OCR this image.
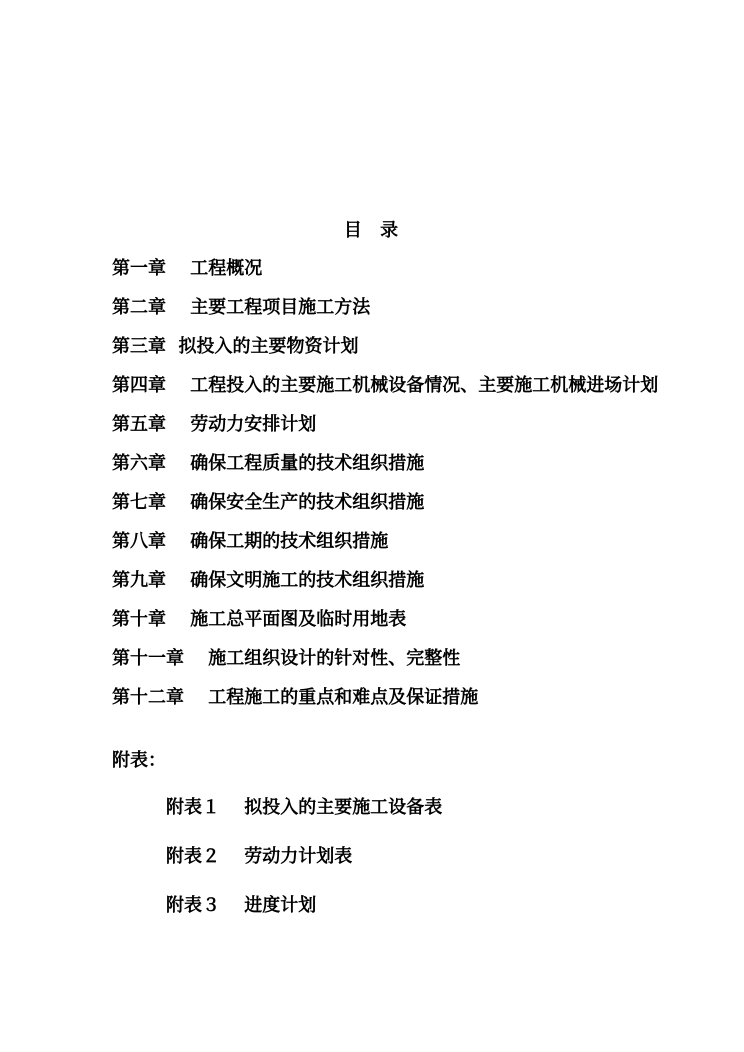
目 录
第一章　 工程概况
第二章　 主要工程项目施工方法
第三章  拟投入的主要物资计划
第四章　 工程投入的主要施工机械设备情况、主要施工机械进场计划
第五章　 劳动力安排计划
第六章　 确保工程质量的技术组织措施
第七章　 确保安全生产的技术组织措施
第八章　 确保工期的技术组织措施
第九章　 确保文明施工的技术组织措施
第十章　 施工总平面图及临时用地表
第十一章　 施工组织设计的针对性、完整性
第十二章　 工程施工的重点和难点及保证措施
附表：
附表１　 拟投入的主要施工设备表
附表２　 劳动力计划表
附表３　 进度计划
